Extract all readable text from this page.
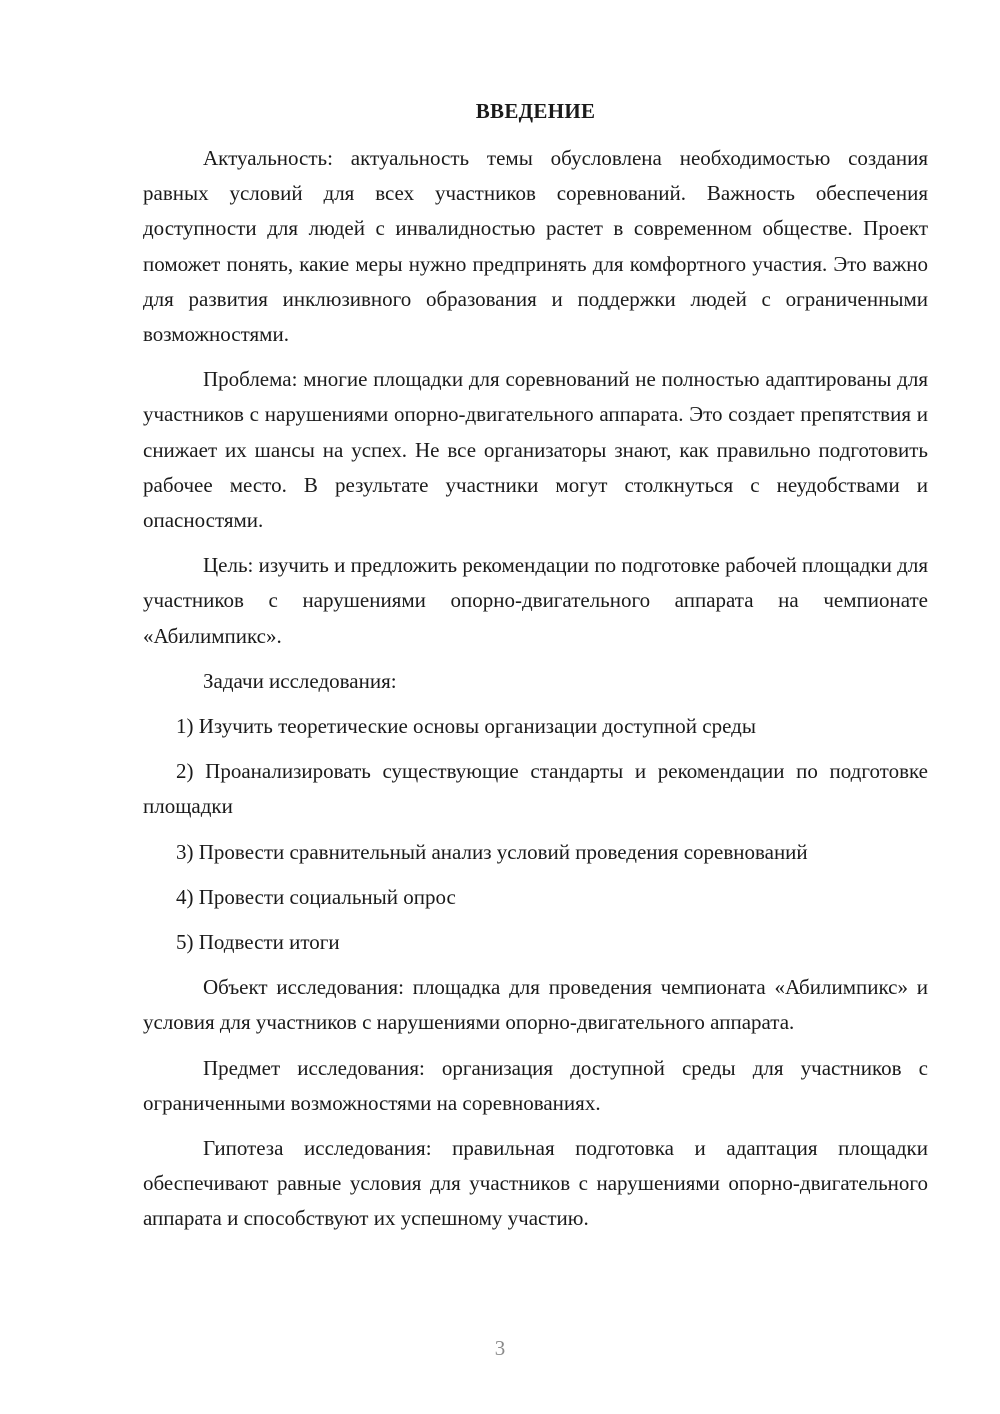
ВВЕДЕНИЕ

Актуальность: актуальность темы обусловлена необходимостью создания равных условий для всех участников соревнований. Важность обеспечения доступности для людей с инвалидностью растет в современном обществе. Проект поможет понять, какие меры нужно предпринять для комфортного участия. Это важно для развития инклюзивного образования и поддержки людей с ограниченными возможностями.

Проблема: многие площадки для соревнований не полностью адаптированы для участников с нарушениями опорно-двигательного аппарата. Это создает препятствия и снижает их шансы на успех. Не все организаторы знают, как правильно подготовить рабочее место. В результате участники могут столкнуться с неудобствами и опасностями.

Цель: изучить и предложить рекомендации по подготовке рабочей площадки для участников с нарушениями опорно-двигательного аппарата на чемпионате «Абилимпикс».

Задачи исследования:

1) Изучить теоретические основы организации доступной среды

2) Проанализировать существующие стандарты и рекомендации по подготовке площадки

3) Провести сравнительный анализ условий проведения соревнований

4) Провести социальный опрос

5) Подвести итоги

Объект исследования: площадка для проведения чемпионата «Абилимпикс» и условия для участников с нарушениями опорно-двигательного аппарата.

Предмет исследования: организация доступной среды для участников с ограниченными возможностями на соревнованиях.

Гипотеза исследования: правильная подготовка и адаптация площадки обеспечивают равные условия для участников с нарушениями опорно-двигательного аппарата и способствуют их успешному участию.

3
